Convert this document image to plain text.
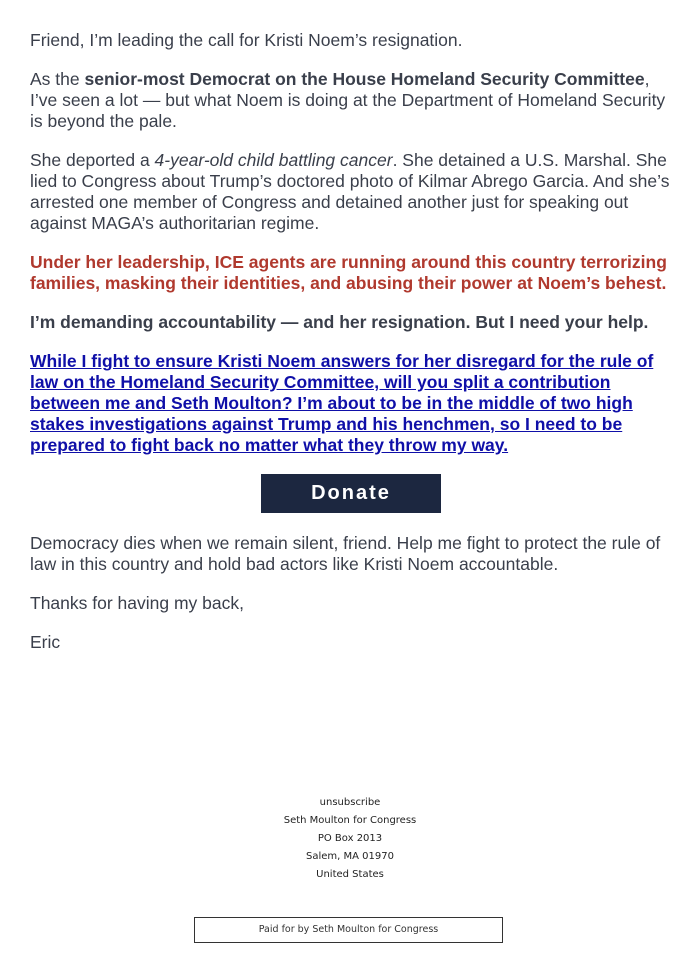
Friend, I’m leading the call for Kristi Noem’s resignation.

As the senior-most Democrat on the House Homeland Security Committee, I’ve seen a lot — but what Noem is doing at the Department of Homeland Security is beyond the pale.

She deported a 4-year-old child battling cancer. She detained a U.S. Marshal. She lied to Congress about Trump’s doctored photo of Kilmar Abrego Garcia. And she’s arrested one member of Congress and detained another just for speaking out against MAGA’s authoritarian regime.

Under her leadership, ICE agents are running around this country terrorizing families, masking their identities, and abusing their power at Noem’s behest.

I’m demanding accountability — and her resignation. But I need your help.

While I fight to ensure Kristi Noem answers for her disregard for the rule of law on the Homeland Security Committee, will you split a contribution between me and Seth Moulton? I’m about to be in the middle of two high stakes investigations against Trump and his henchmen, so I need to be prepared to fight back no matter what they throw my way.

Donate

Democracy dies when we remain silent, friend. Help me fight to protect the rule of law in this country and hold bad actors like Kristi Noem accountable.

Thanks for having my back,

Eric

unsubscribe
Seth Moulton for Congress
PO Box 2013
Salem, MA 01970
United States
Paid for by Seth Moulton for Congress
